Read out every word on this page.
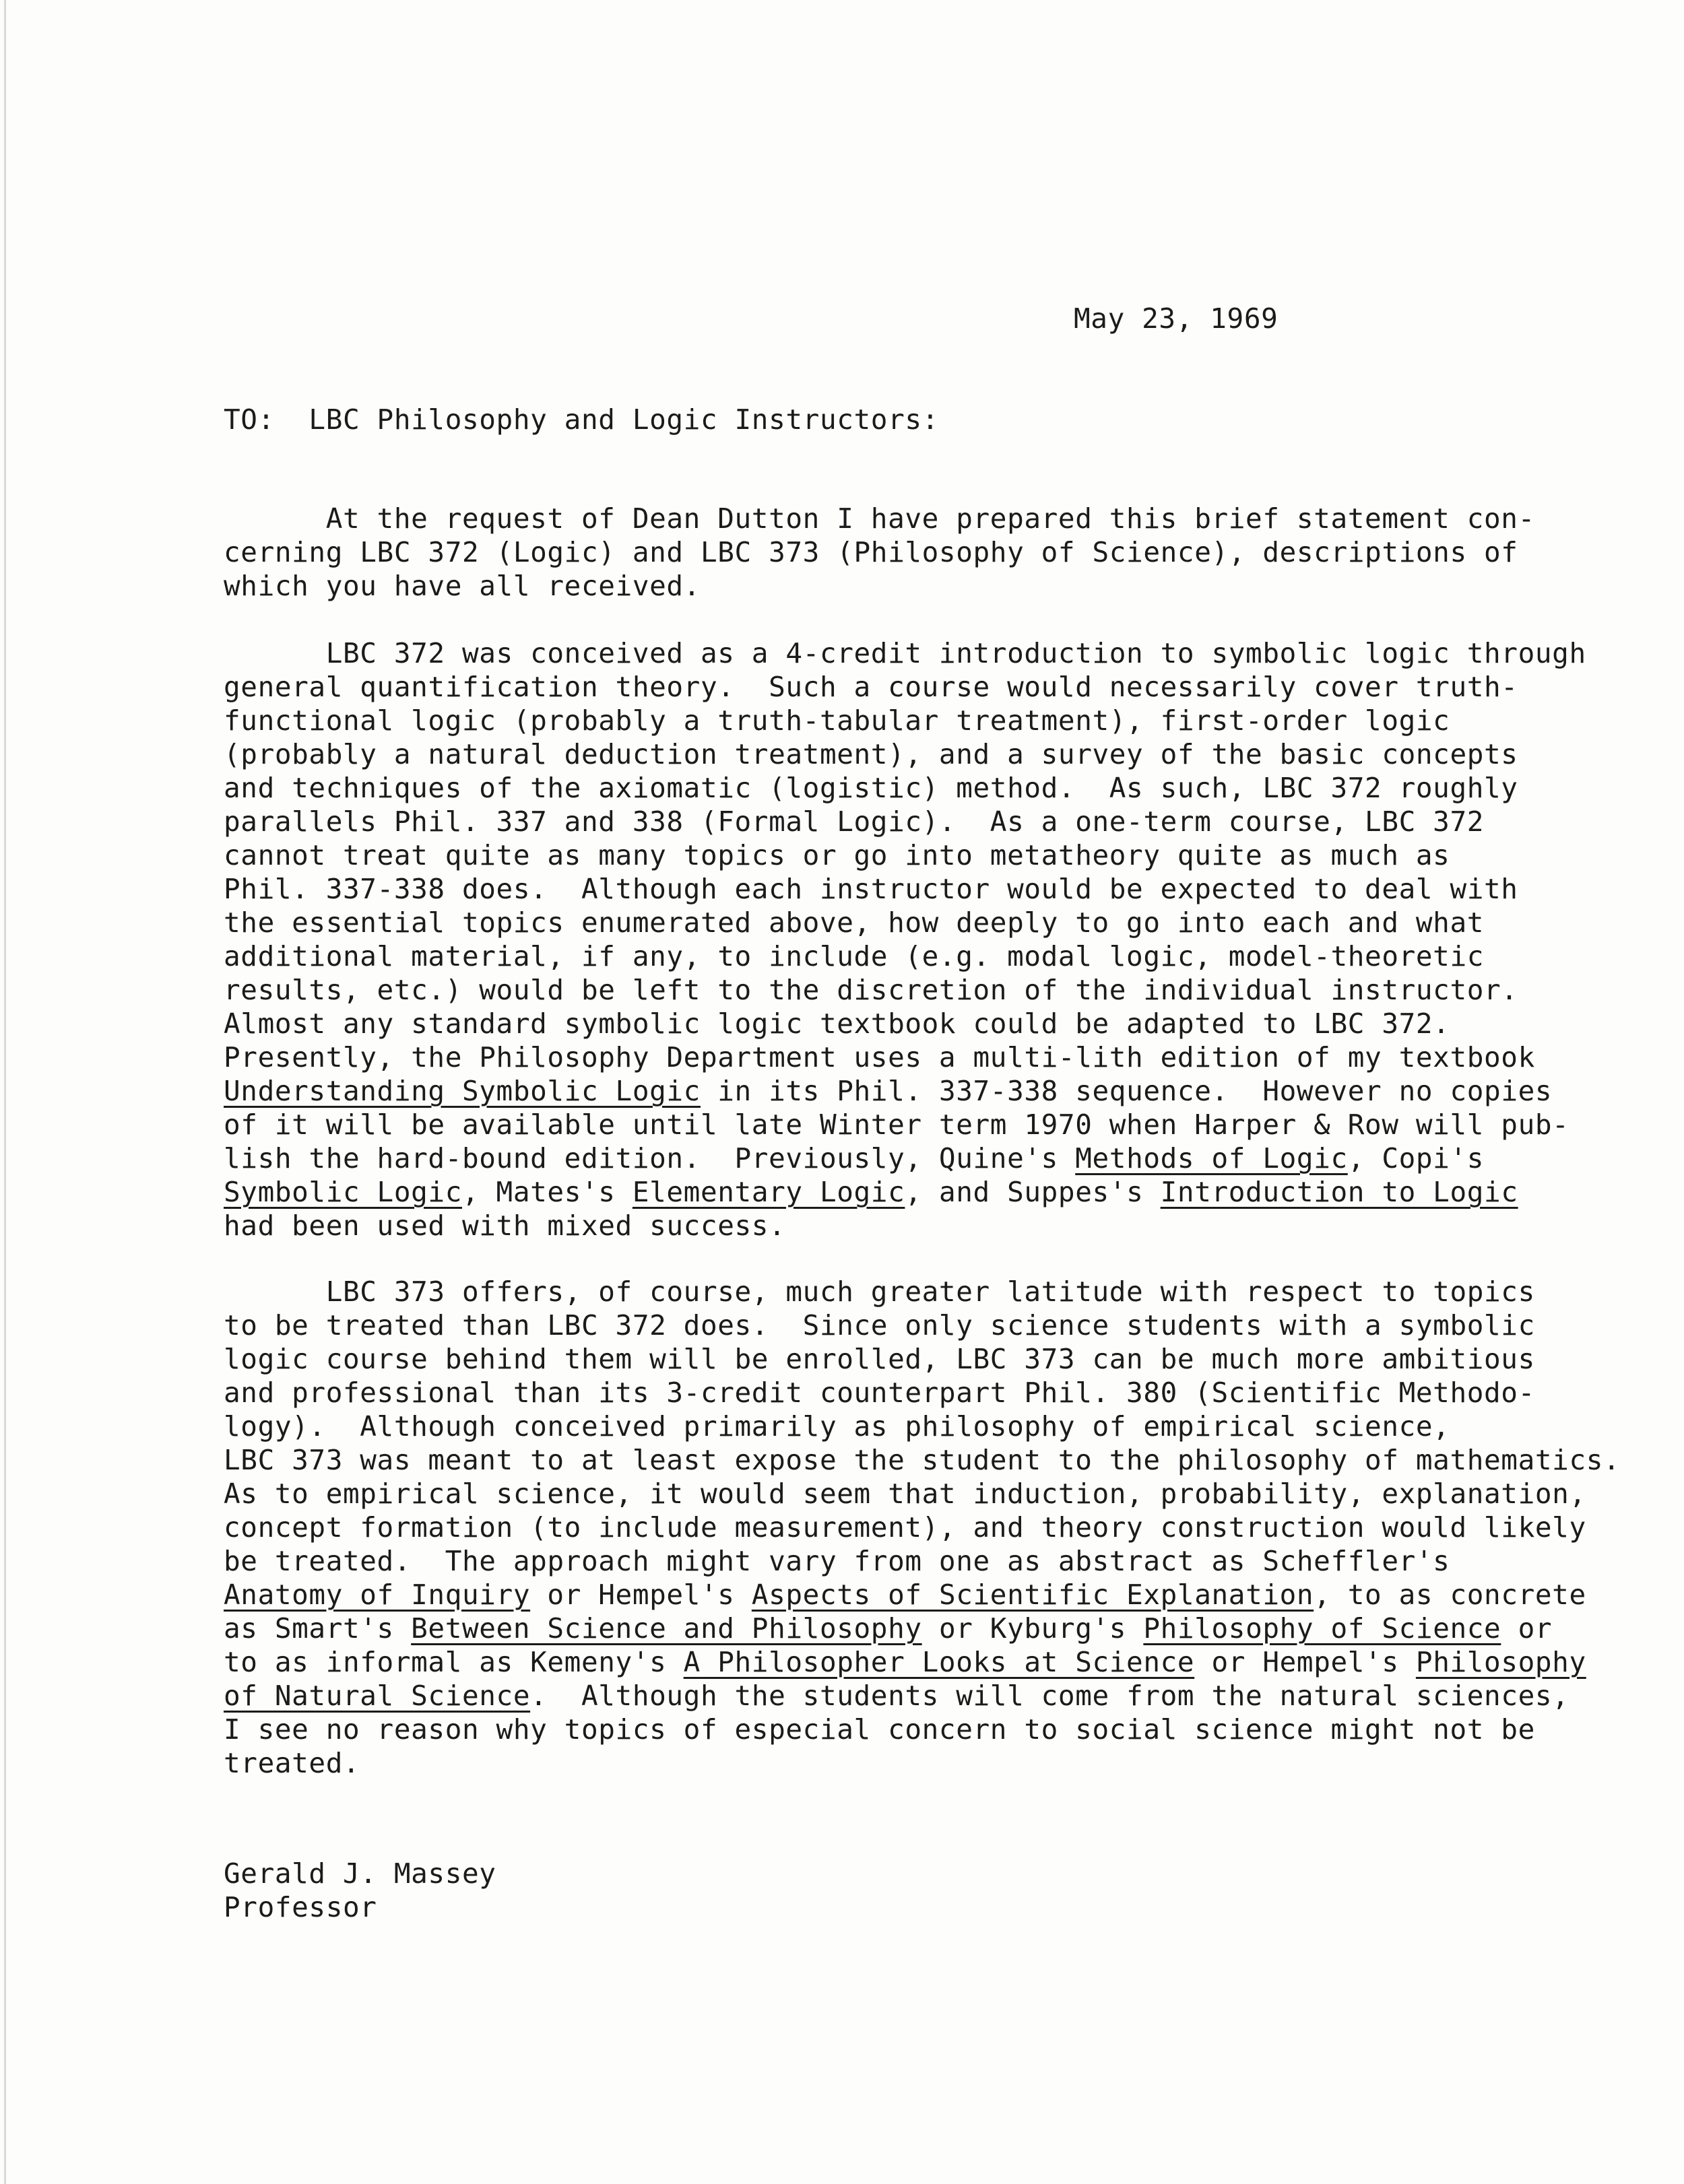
May 23, 1969
TO:  LBC Philosophy and Logic Instructors:
At the request of Dean Dutton I have prepared this brief statement con-
cerning LBC 372 (Logic) and LBC 373 (Philosophy of Science), descriptions of
which you have all received.
LBC 372 was conceived as a 4-credit introduction to symbolic logic through
general quantification theory.  Such a course would necessarily cover truth-
functional logic (probably a truth-tabular treatment), first-order logic
(probably a natural deduction treatment), and a survey of the basic concepts
and techniques of the axiomatic (logistic) method.  As such, LBC 372 roughly
parallels Phil. 337 and 338 (Formal Logic).  As a one-term course, LBC 372
cannot treat quite as many topics or go into metatheory quite as much as
Phil. 337-338 does.  Although each instructor would be expected to deal with
the essential topics enumerated above, how deeply to go into each and what
additional material, if any, to include (e.g. modal logic, model-theoretic
results, etc.) would be left to the discretion of the individual instructor.
Almost any standard symbolic logic textbook could be adapted to LBC 372.
Presently, the Philosophy Department uses a multi-lith edition of my textbook
Understanding Symbolic Logic in its Phil. 337-338 sequence.  However no copies
of it will be available until late Winter term 1970 when Harper & Row will pub-
lish the hard-bound edition.  Previously, Quine's Methods of Logic, Copi's
Symbolic Logic, Mates's Elementary Logic, and Suppes's Introduction to Logic
had been used with mixed success.
LBC 373 offers, of course, much greater latitude with respect to topics
to be treated than LBC 372 does.  Since only science students with a symbolic
logic course behind them will be enrolled, LBC 373 can be much more ambitious
and professional than its 3-credit counterpart Phil. 380 (Scientific Methodo-
logy).  Although conceived primarily as philosophy of empirical science,
LBC 373 was meant to at least expose the student to the philosophy of mathematics.
As to empirical science, it would seem that induction, probability, explanation,
concept formation (to include measurement), and theory construction would likely
be treated.  The approach might vary from one as abstract as Scheffler's
Anatomy of Inquiry or Hempel's Aspects of Scientific Explanation, to as concrete
as Smart's Between Science and Philosophy or Kyburg's Philosophy of Science or
to as informal as Kemeny's A Philosopher Looks at Science or Hempel's Philosophy
of Natural Science.  Although the students will come from the natural sciences,
I see no reason why topics of especial concern to social science might not be
treated.
Gerald J. Massey
Professor
